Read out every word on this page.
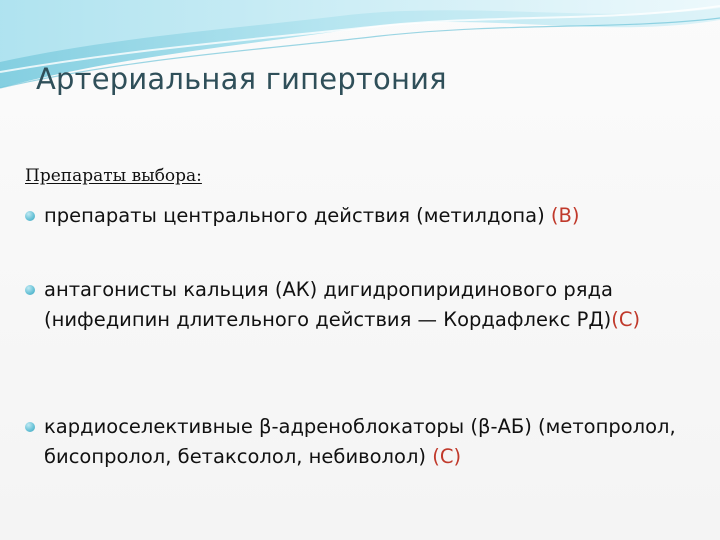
Артериальная гипертония
Препараты выбора:
препараты центрального действия (метилдопа) (В)
антагонисты кальция (АК) дигидропиридинового ряда (нифедипин длительного действия — Кордафлекс РД)(С)
кардиоселективные β-адреноблокаторы (β-АБ) (метопролол, бисопролол, бетаксолол, небиволол) (С)
